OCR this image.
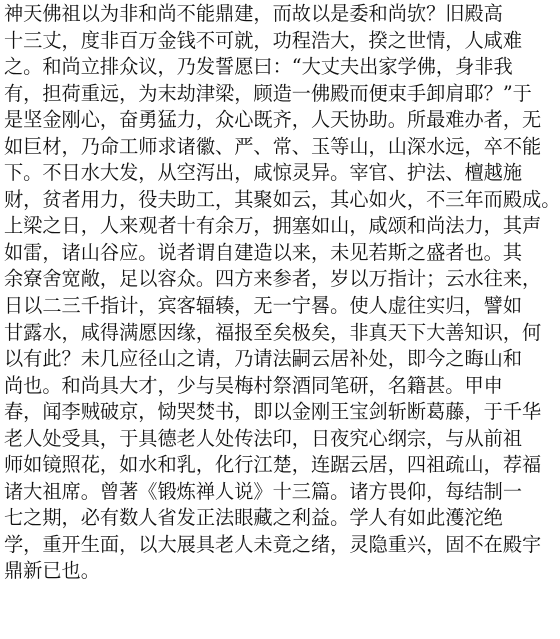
神天佛祖以为非和尚不能鼎建，而故以是委和尚欤？旧殿高
十三丈，度非百万金钱不可就，功程浩大，揆之世情，人咸难
之。和尚立排众议，乃发誓愿曰：“大丈夫出家学佛，身非我
有，担荷重远，为末劫津梁，顾造一佛殿而便束手卸肩耶？”于
是坚金刚心，奋勇猛力，众心既齐，人天协助。所最难办者，无
如巨材，乃命工师求诸徽、严、常、玉等山，山深水远，卒不能
下。不日水大发，从空泻出，咸惊灵异。宰官、护法、檀越施
财，贫者用力，役夫助工，其聚如云，其心如火，不三年而殿成。
上梁之日，人来观者十有余万，拥塞如山，咸颂和尚法力，其声
如雷，诸山谷应。说者谓自建造以来，未见若斯之盛者也。其
余寮舍宽敞，足以容众。四方来参者，岁以万指计；云水往来，
日以二三千指计，宾客辐辏，无一宁晷。使人虚往实归，譬如
甘露水，咸得满愿因缘，福报至矣极矣，非真天下大善知识，何
以有此？未几应径山之请，乃请法嗣云居补处，即今之晦山和
尚也。和尚具大才，少与吴梅村祭酒同笔研，名籍甚。甲申
春，闻李贼破京，恸哭焚书，即以金刚王宝剑斩断葛藤，于千华
老人处受具，于具德老人处传法印，日夜究心纲宗，与从前祖
师如镜照花，如水和乳，化行江楚，连踞云居，四祖疏山，荐福
诸大祖席。曾著《锻炼禅人说》十三篇。诸方畏仰，每结制一
七之期，必有数人省发正法眼藏之利益。学人有如此濩沱绝
学，重开生面，以大展具老人未竟之绪，灵隐重兴，固不在殿宇
鼎新已也。
